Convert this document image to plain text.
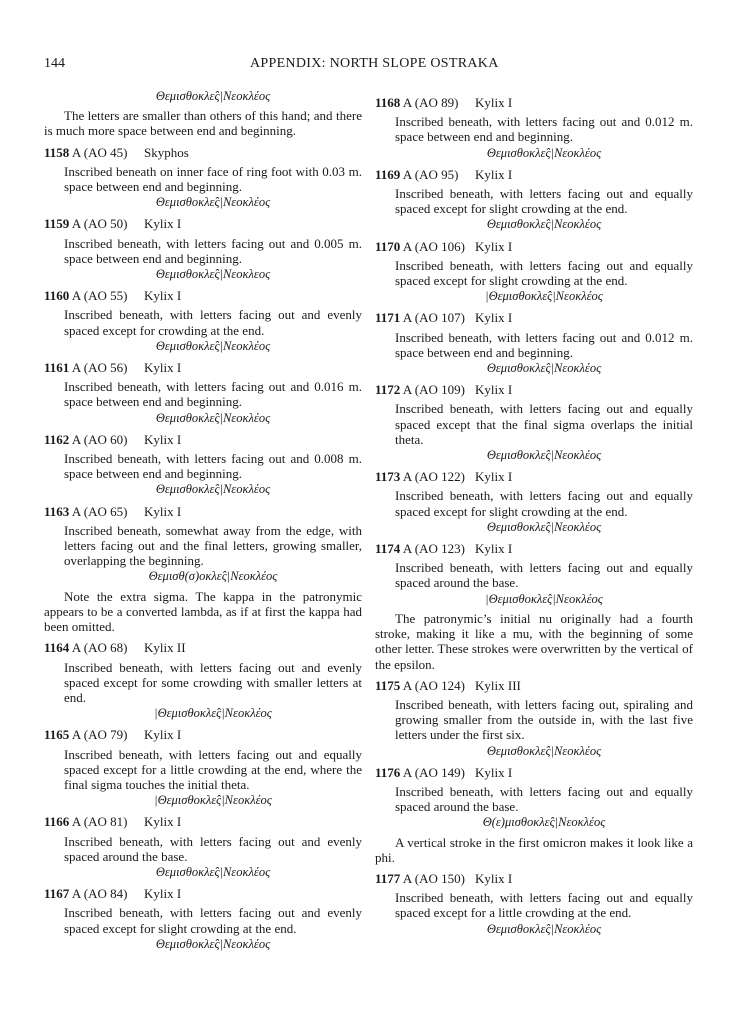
144	APPENDIX: NORTH SLOPE OSTRAKA
Θεμισθοκλε̂ς|Νεοκλέος
The letters are smaller than others of this hand; and there is much more space between end and beginning.
1158 A (AO 45)	Skyphos
Inscribed beneath on inner face of ring foot with 0.03 m. space between end and beginning.
Θεμισθοκλε̂ς|Νεοκλέος
1159 A (AO 50)	Kylix I
Inscribed beneath, with letters facing out and 0.005 m. space between end and beginning.
Θεμισθοκλε̂ς|Νεοκλεος
1160 A (AO 55)	Kylix I
Inscribed beneath, with letters facing out and evenly spaced except for crowding at the end.
Θεμισθοκλε̂ς|Νεοκλέος
1161 A (AO 56)	Kylix I
Inscribed beneath, with letters facing out and 0.016 m. space between end and beginning.
Θεμισθοκλε̂ς|Νεοκλέος
1162 A (AO 60)	Kylix I
Inscribed beneath, with letters facing out and 0.008 m. space between end and beginning.
Θεμισθοκλε̂ς|Νεοκλέος
1163 A (AO 65)	Kylix I
Inscribed beneath, somewhat away from the edge, with letters facing out and the final letters, growing smaller, overlapping the beginning.
Θεμισθ(σ)οκλε̂ς|Νεοκλέος
Note the extra sigma. The kappa in the patronymic appears to be a converted lambda, as if at first the kappa had been omitted.
1164 A (AO 68)	Kylix II
Inscribed beneath, with letters facing out and evenly spaced except for some crowding with smaller letters at end.
|Θεμισθοκλε̂ς|Νεοκλέος
1165 A (AO 79)	Kylix I
Inscribed beneath, with letters facing out and equally spaced except for a little crowding at the end, where the final sigma touches the initial theta.
|Θεμισθοκλε̂ς|Νεοκλέος
1166 A (AO 81)	Kylix I
Inscribed beneath, with letters facing out and evenly spaced around the base.
Θεμισθοκλε̂ς|Νεοκλέος
1167 A (AO 84)	Kylix I
Inscribed beneath, with letters facing out and evenly spaced except for slight crowding at the end.
Θεμισθοκλε̂ς|Νεοκλέος
1168 A (AO 89)	Kylix I
Inscribed beneath, with letters facing out and 0.012 m. space between end and beginning.
Θεμισθοκλε̂ς|Νεοκλέος
1169 A (AO 95)	Kylix I
Inscribed beneath, with letters facing out and equally spaced except for slight crowding at the end.
Θεμισθοκλε̂ς|Νεοκλέος
1170 A (AO 106) Kylix I
Inscribed beneath, with letters facing out and equally spaced except for slight crowding at the end.
|Θεμισθοκλε̂ς|Νεοκλέος
1171 A (AO 107) Kylix I
Inscribed beneath, with letters facing out and 0.012 m. space between end and beginning.
Θεμισθοκλε̂ς|Νεοκλέος
1172 A (AO 109) Kylix I
Inscribed beneath, with letters facing out and equally spaced except that the final sigma overlaps the initial theta.
Θεμισθοκλε̂ς|Νεοκλέος
1173 A (AO 122) Kylix I
Inscribed beneath, with letters facing out and equally spaced except for slight crowding at the end.
Θεμισθοκλε̂ς|Νεοκλέος
1174 A (AO 123) Kylix I
Inscribed beneath, with letters facing out and equally spaced around the base.
|Θεμισθοκλε̂ς|Νεοκλέος
The patronymic’s initial nu originally had a fourth stroke, making it like a mu, with the beginning of some other letter. These strokes were overwritten by the vertical of the epsilon.
1175 A (AO 124) Kylix III
Inscribed beneath, with letters facing out, spiraling and growing smaller from the outside in, with the last five letters under the first six.
Θεμισθοκλε̂ς|Νεοκλέος
1176 A (AO 149) Kylix I
Inscribed beneath, with letters facing out and equally spaced around the base.
Θ(ε)μισθοκλε̂ς|Νεοκλέος
A vertical stroke in the first omicron makes it look like a phi.
1177 A (AO 150) Kylix I
Inscribed beneath, with letters facing out and equally spaced except for a little crowding at the end.
Θεμισθοκλε̂ς|Νεοκλέος
